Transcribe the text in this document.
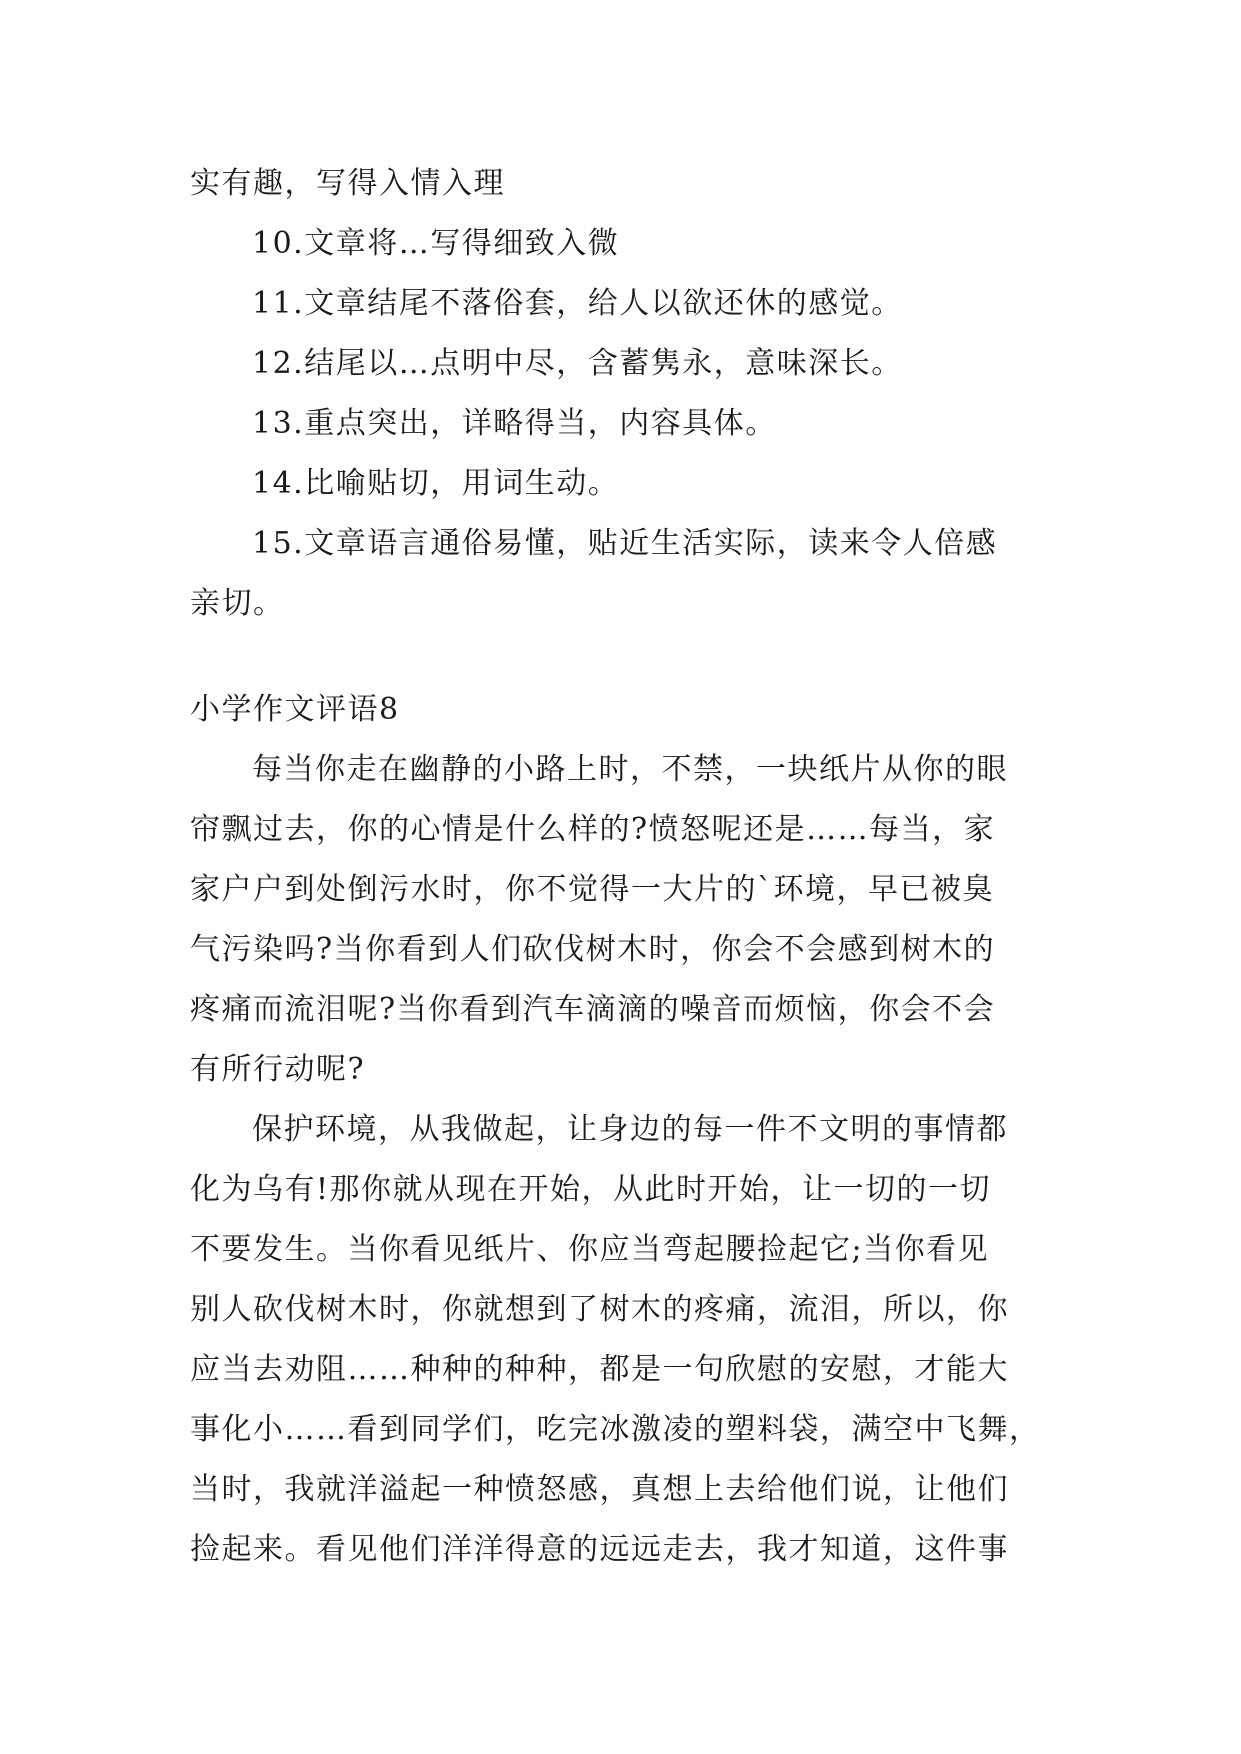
实有趣，写得入情入理
10.文章将…写得细致入微
11.文章结尾不落俗套，给人以欲还休的感觉。
12.结尾以…点明中尽，含蓄隽永，意味深长。
13.重点突出，详略得当，内容具体。
14.比喻贴切，用词生动。
15.文章语言通俗易懂，贴近生活实际，读来令人倍感
亲切。
小学作文评语8
每当你走在幽静的小路上时，不禁，一块纸片从你的眼
帘飘过去，你的心情是什么样的?愤怒呢还是……每当，家
家户户到处倒污水时，你不觉得一大片的`环境，早已被臭
气污染吗?当你看到人们砍伐树木时，你会不会感到树木的
疼痛而流泪呢?当你看到汽车滴滴的噪音而烦恼，你会不会
有所行动呢?
保护环境，从我做起，让身边的每一件不文明的事情都
化为乌有!那你就从现在开始，从此时开始，让一切的一切
不要发生。当你看见纸片、你应当弯起腰捡起它;当你看见
别人砍伐树木时，你就想到了树木的疼痛，流泪，所以，你
应当去劝阻……种种的种种，都是一句欣慰的安慰，才能大
事化小……看到同学们，吃完冰激凌的塑料袋，满空中飞舞，
当时，我就洋溢起一种愤怒感，真想上去给他们说，让他们
捡起来。看见他们洋洋得意的远远走去，我才知道，这件事
